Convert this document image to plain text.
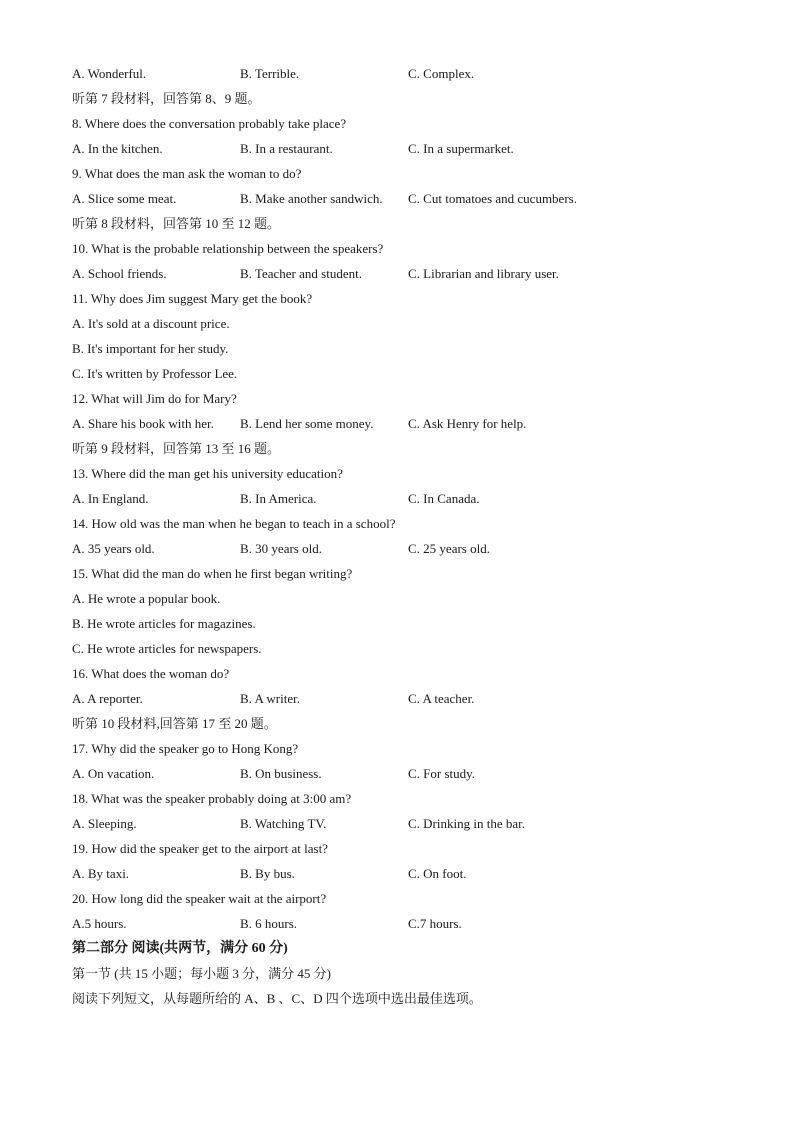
A. Wonderful.	B. Terrible.	C. Complex.
听第 7 段材料，回答第 8、9 题。
8. Where does the conversation probably take place?
A. In the kitchen.	B. In a restaurant.	C. In a supermarket.
9. What does the man ask the woman to do?
A. Slice some meat.	B. Make another sandwich. C. Cut tomatoes and cucumbers.
听第 8 段材料，回答第 10 至 12 题。
10. What is the probable relationship between the speakers?
A. School friends.	B. Teacher and student.	C. Librarian and library user.
11. Why does Jim suggest Mary get the book?
A. It's sold at a discount price.
B. It's important for her study.
C. It's written by Professor Lee.
12. What will Jim do for Mary?
A. Share his book with her. B. Lend her some money.	C. Ask Henry for help.
听第 9 段材料，回答第 13 至 16 题。
13. Where did the man get his university education?
A. In England.	B. In America.	C. In Canada.
14. How old was the man when he began to teach in a school?
A. 35 years old.	B. 30 years old.	C. 25 years old.
15. What did the man do when he first began writing?
A. He wrote a popular book.
B. He wrote articles for magazines.
C. He wrote articles for newspapers.
16. What does the woman do?
A. A reporter.	B. A writer.	C. A teacher.
听第 10 段材料,回答第 17 至 20 题。
17. Why did the speaker go to Hong Kong?
A. On vacation.	B. On business.	C. For study.
18. What was the speaker probably doing at 3:00 am?
A. Sleeping.	B. Watching TV.	C. Drinking in the bar.
19. How did the speaker get to the airport at last?
A. By taxi.	B. By bus.	C. On foot.
20. How long did the speaker wait at the airport?
A.5 hours.	B. 6 hours.	C.7 hours.
第二部分 阅读(共两节，满分 60 分)
第一节 (共 15 小题；每小题 3 分，满分 45 分)
阅读下列短文，从每题所给的 A、B 、C、D 四个选项中选出最佳选项。
